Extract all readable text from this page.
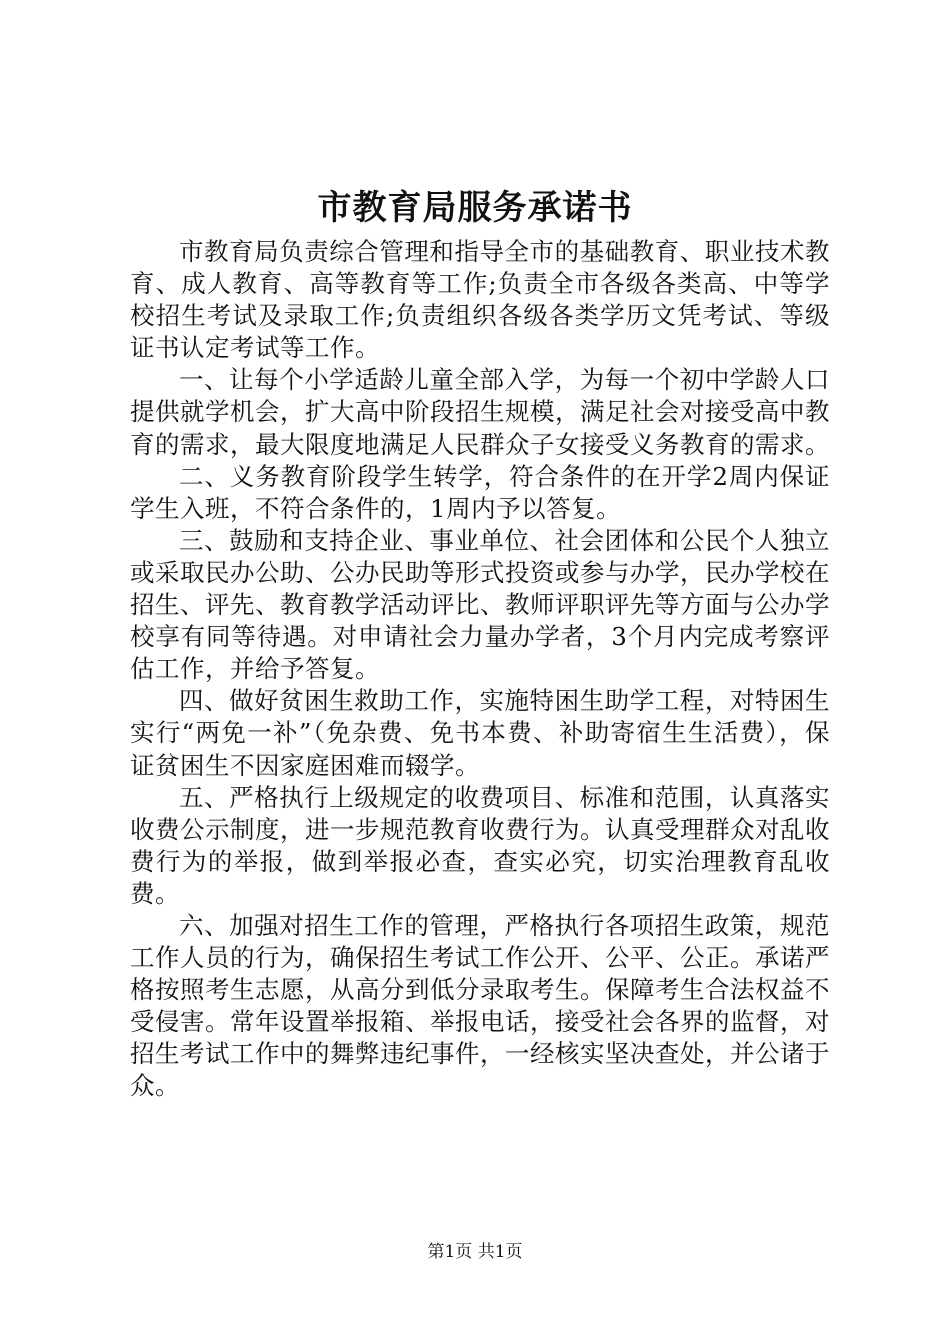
市教育局服务承诺书

市教育局负责综合管理和指导全市的基础教育、职业技术教育、成人教育、高等教育等工作;负责全市各级各类高、中等学校招生考试及录取工作;负责组织各级各类学历文凭考试、等级证书认定考试等工作。

一、让每个小学适龄儿童全部入学，为每一个初中学龄人口提供就学机会，扩大高中阶段招生规模，满足社会对接受高中教育的需求，最大限度地满足人民群众子女接受义务教育的需求。

二、义务教育阶段学生转学，符合条件的在开学2周内保证学生入班，不符合条件的，1周内予以答复。

三、鼓励和支持企业、事业单位、社会团体和公民个人独立或采取民办公助、公办民助等形式投资或参与办学，民办学校在招生、评先、教育教学活动评比、教师评职评先等方面与公办学校享有同等待遇。对申请社会力量办学者，3个月内完成考察评估工作，并给予答复。

四、做好贫困生救助工作，实施特困生助学工程，对特困生实行“两免一补”（免杂费、免书本费、补助寄宿生生活费），保证贫困生不因家庭困难而辍学。

五、严格执行上级规定的收费项目、标准和范围，认真落实收费公示制度，进一步规范教育收费行为。认真受理群众对乱收费行为的举报，做到举报必查，查实必究，切实治理教育乱收费。

六、加强对招生工作的管理，严格执行各项招生政策，规范工作人员的行为，确保招生考试工作公开、公平、公正。承诺严格按照考生志愿，从高分到低分录取考生。保障考生合法权益不受侵害。常年设置举报箱、举报电话，接受社会各界的监督，对招生考试工作中的舞弊违纪事件，一经核实坚决查处，并公诸于众。

第1页 共1页
